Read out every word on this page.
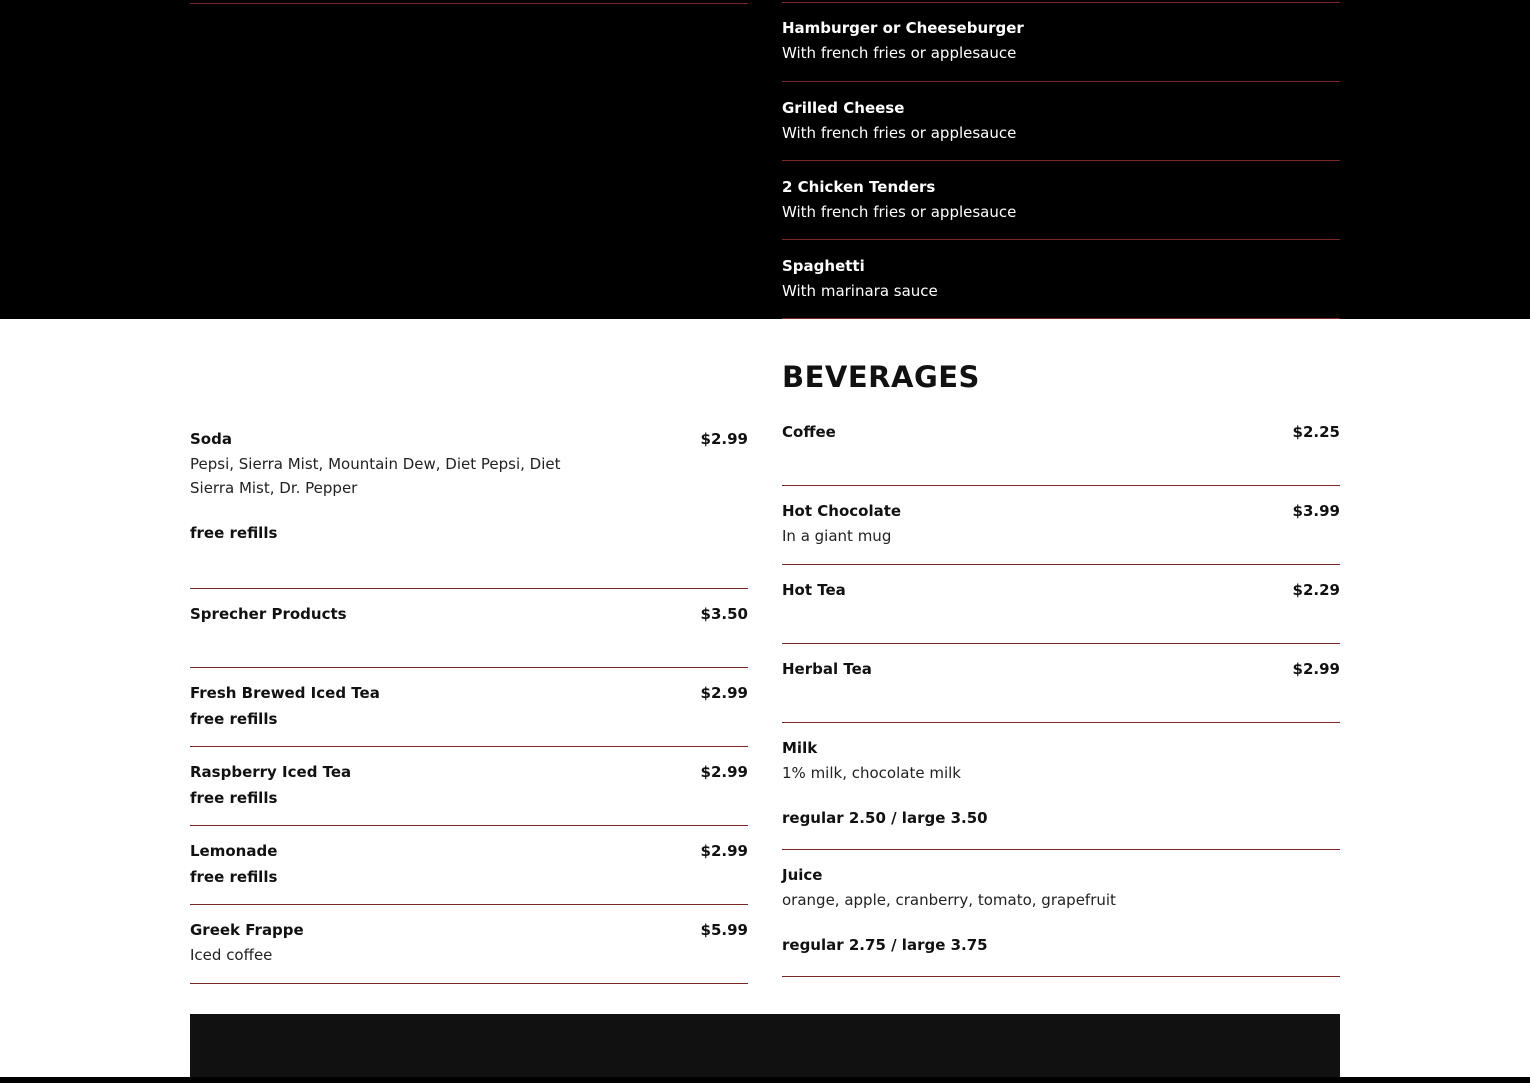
Hamburger or Cheeseburger
With french fries or applesauce
Grilled Cheese
With french fries or applesauce
2 Chicken Tenders
With french fries or applesauce
Spaghetti
With marinara sauce
BEVERAGES
Soda	$2.99
Pepsi, Sierra Mist, Mountain Dew, Diet Pepsi, Diet Sierra Mist, Dr. Pepper
free refills
Sprecher Products	$3.50
Fresh Brewed Iced Tea	$2.99
free refills
Raspberry Iced Tea	$2.99
free refills
Lemonade	$2.99
free refills
Greek Frappe	$5.99
Iced coffee
Coffee	$2.25
Hot Chocolate	$3.99
In a giant mug
Hot Tea	$2.29
Herbal Tea	$2.99
Milk
1% milk, chocolate milk
regular 2.50 / large 3.50
Juice
orange, apple, cranberry, tomato, grapefruit
regular 2.75 / large 3.75
